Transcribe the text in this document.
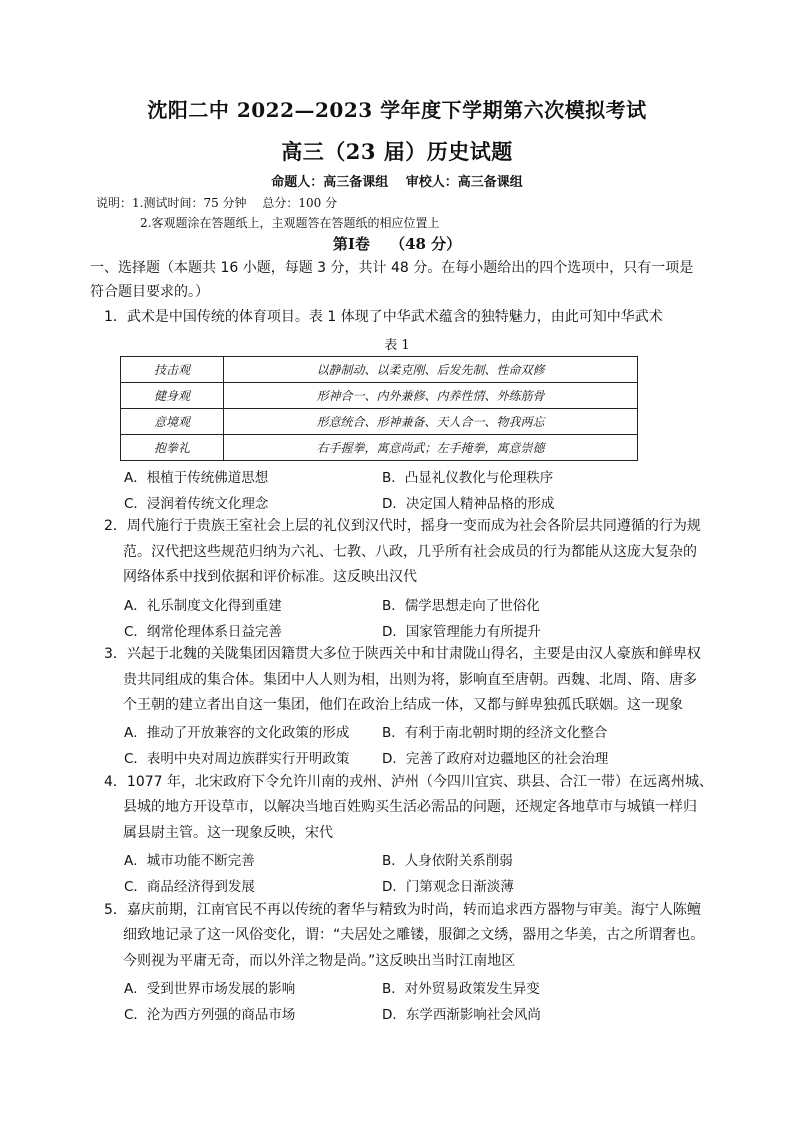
沈阳二中 2022—2023 学年度下学期第六次模拟考试
高三（23 届）历史试题
命题人：高三备课组　 审校人：高三备课组
说明：1.测试时间：75 分钟　 总分：100 分
2.客观题涂在答题纸上，主观题答在答题纸的相应位置上
第Ⅰ卷　 （48 分）
一、选择题（本题共 16 小题，每题 3 分，共计 48 分。在每小题给出的四个选项中，只有一项是
符合题目要求的。）
1．武术是中国传统的体育项目。表 1 体现了中华武术蕴含的独特魅力，由此可知中华武术
表 1
技击观	以静制动、以柔克刚、后发先制、性命双修
健身观	形神合一、内外兼修、内养性情、外练筋骨
意境观	形意统合、形神兼备、天人合一、物我两忘
抱拳礼	右手握拳，寓意尚武；左手掩拳，寓意崇德
A．根植于传统佛道思想	B．凸显礼仪教化与伦理秩序
C．浸润着传统文化理念	D．决定国人精神品格的形成
2．周代施行于贵族王室社会上层的礼仪到汉代时，摇身一变而成为社会各阶层共同遵循的行为规
范。汉代把这些规范归纳为六礼、七教、八政，几乎所有社会成员的行为都能从这庞大复杂的
网络体系中找到依据和评价标准。这反映出汉代
A．礼乐制度文化得到重建	B．儒学思想走向了世俗化
C．纲常伦理体系日益完善	D．国家管理能力有所提升
3．兴起于北魏的关陇集团因籍贯大多位于陕西关中和甘肃陇山得名，主要是由汉人豪族和鲜卑权
贵共同组成的集合体。集团中人人则为相，出则为将，影响直至唐朝。西魏、北周、隋、唐多
个王朝的建立者出自这一集团，他们在政治上结成一体，又都与鲜卑独孤氏联姻。这一现象
A．推动了开放兼容的文化政策的形成 B．有利于南北朝时期的经济文化整合
C．表明中央对周边族群实行开明政策 D．完善了政府对边疆地区的社会治理
4．1077 年，北宋政府下令允许川南的戎州、泸州（今四川宜宾、珙县、合江一带）在远离州城、
县城的地方开设草市，以解决当地百姓购买生活必需品的问题，还规定各地草市与城镇一样归
属县尉主管。这一现象反映，宋代
A．城市功能不断完善	B．人身依附关系削弱
C．商品经济得到发展	D．门第观念日渐淡薄
5．嘉庆前期，江南官民不再以传统的奢华与精致为时尚，转而追求西方器物与审美。海宁人陈鳣
细致地记录了这一风俗变化，谓：“夫居处之雕镂，服御之文绣，器用之华美，古之所谓奢也。
今则视为平庸无奇，而以外洋之物是尚。”这反映出当时江南地区
A．受到世界市场发展的影响	B．对外贸易政策发生异变
C．沦为西方列强的商品市场	D．东学西渐影响社会风尚
